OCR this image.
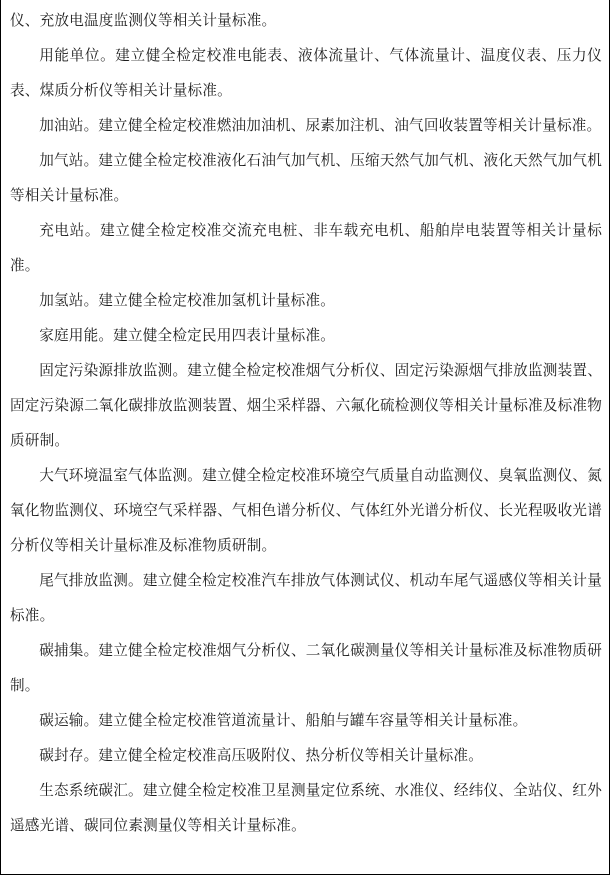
仪、充放电温度监测仪等相关计量标准。

用能单位。建立健全检定校准电能表、液体流量计、气体流量计、温度仪表、压力仪表、煤质分析仪等相关计量标准。

加油站。建立健全检定校准燃油加油机、尿素加注机、油气回收装置等相关计量标准。

加气站。建立健全检定校准液化石油气加气机、压缩天然气加气机、液化天然气加气机等相关计量标准。

充电站。建立健全检定校准交流充电桩、非车载充电机、船舶岸电装置等相关计量标准。

加氢站。建立健全检定校准加氢机计量标准。

家庭用能。建立健全检定民用四表计量标准。

固定污染源排放监测。建立健全检定校准烟气分析仪、固定污染源烟气排放监测装置、固定污染源二氧化碳排放监测装置、烟尘采样器、六氟化硫检测仪等相关计量标准及标准物质研制。

大气环境温室气体监测。建立健全检定校准环境空气质量自动监测仪、臭氧监测仪、氮氧化物监测仪、环境空气采样器、气相色谱分析仪、气体红外光谱分析仪、长光程吸收光谱分析仪等相关计量标准及标准物质研制。

尾气排放监测。建立健全检定校准汽车排放气体测试仪、机动车尾气遥感仪等相关计量标准。

碳捕集。建立健全检定校准烟气分析仪、二氧化碳测量仪等相关计量标准及标准物质研制。

碳运输。建立健全检定校准管道流量计、船舶与罐车容量等相关计量标准。

碳封存。建立健全检定校准高压吸附仪、热分析仪等相关计量标准。

生态系统碳汇。建立健全检定校准卫星测量定位系统、水准仪、经纬仪、全站仪、红外遥感光谱、碳同位素测量仪等相关计量标准。
